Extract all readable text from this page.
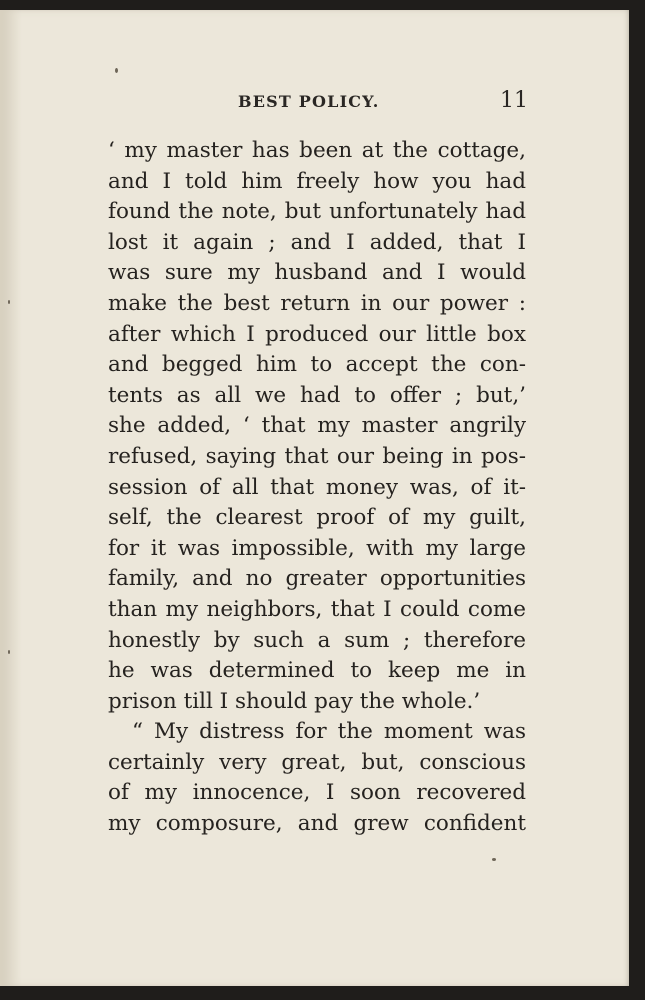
BEST POLICY.	11
‘ my master has been at the cottage,
and I told him freely how you had
found the note, but unfortunately had
lost it again ; and I added, that I
was sure my husband and I would
make the best return in our power :
after which I produced our little box
and begged him to accept the con-
tents as all we had to offer ; but,’
she added, ‘ that my master angrily
refused, saying that our being in pos-
session of all that money was, of it-
self, the clearest proof of my guilt,
for it was impossible, with my large
family, and no greater opportunities
than my neighbors, that I could come
honestly by such a sum ; therefore
he was determined to keep me in
prison till I should pay the whole.’
“ My distress for the moment was
certainly very great, but, conscious
of my innocence, I soon recovered
my composure, and grew confident
